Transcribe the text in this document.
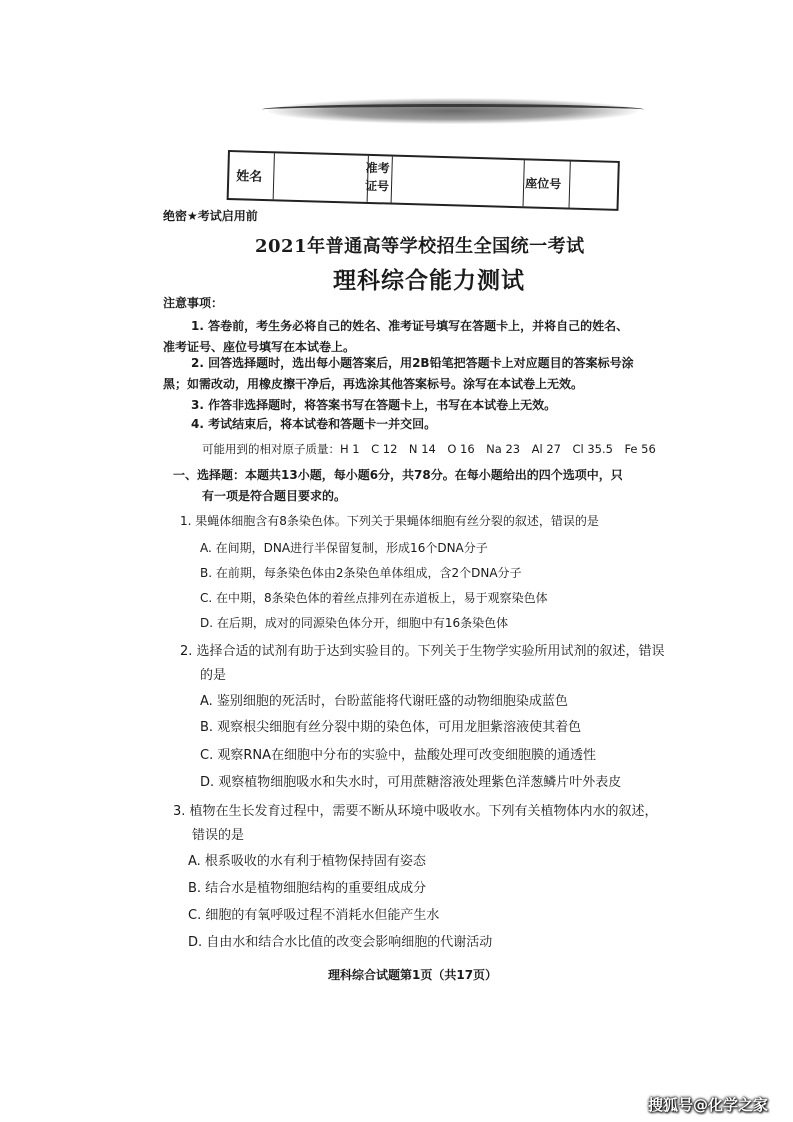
姓名
准考
证号	座位号
绝密★考试启用前
2021年普通高等学校招生全国统一考试
理科综合能力测试
注意事项：
1. 答卷前，考生务必将自己的姓名、准考证号填写在答题卡上，并将自己的姓名、
准考证号、座位号填写在本试卷上。
2. 回答选择题时，选出每小题答案后，用2B铅笔把答题卡上对应题目的答案标号涂
黑；如需改动，用橡皮擦干净后，再选涂其他答案标号。涂写在本试卷上无效。
3. 作答非选择题时，将答案书写在答题卡上，书写在本试卷上无效。
4. 考试结束后，将本试卷和答题卡一并交回。
可能用到的相对原子质量：H 1　C 12　N 14　O 16　Na 23　Al 27　Cl 35.5　Fe 56
一、选择题：本题共13小题，每小题6分，共78分。在每小题给出的四个选项中，只
有一项是符合题目要求的。
1. 果蝇体细胞含有8条染色体。下列关于果蝇体细胞有丝分裂的叙述，错误的是
A. 在间期，DNA进行半保留复制，形成16个DNA分子
B. 在前期，每条染色体由2条染色单体组成，含2个DNA分子
C. 在中期，8条染色体的着丝点排列在赤道板上，易于观察染色体
D. 在后期，成对的同源染色体分开，细胞中有16条染色体
2. 选择合适的试剂有助于达到实验目的。下列关于生物学实验所用试剂的叙述，错误
的是
A. 鉴别细胞的死活时，台盼蓝能将代谢旺盛的动物细胞染成蓝色
B. 观察根尖细胞有丝分裂中期的染色体，可用龙胆紫溶液使其着色
C. 观察RNA在细胞中分布的实验中，盐酸处理可改变细胞膜的通透性
D. 观察植物细胞吸水和失水时，可用蔗糖溶液处理紫色洋葱鳞片叶外表皮
3. 植物在生长发育过程中，需要不断从环境中吸收水。下列有关植物体内水的叙述，
错误的是
A. 根系吸收的水有利于植物保持固有姿态
B. 结合水是植物细胞结构的重要组成成分
C. 细胞的有氧呼吸过程不消耗水但能产生水
D. 自由水和结合水比值的改变会影响细胞的代谢活动
理科综合试题第1页（共17页）
搜狐号@化学之家
